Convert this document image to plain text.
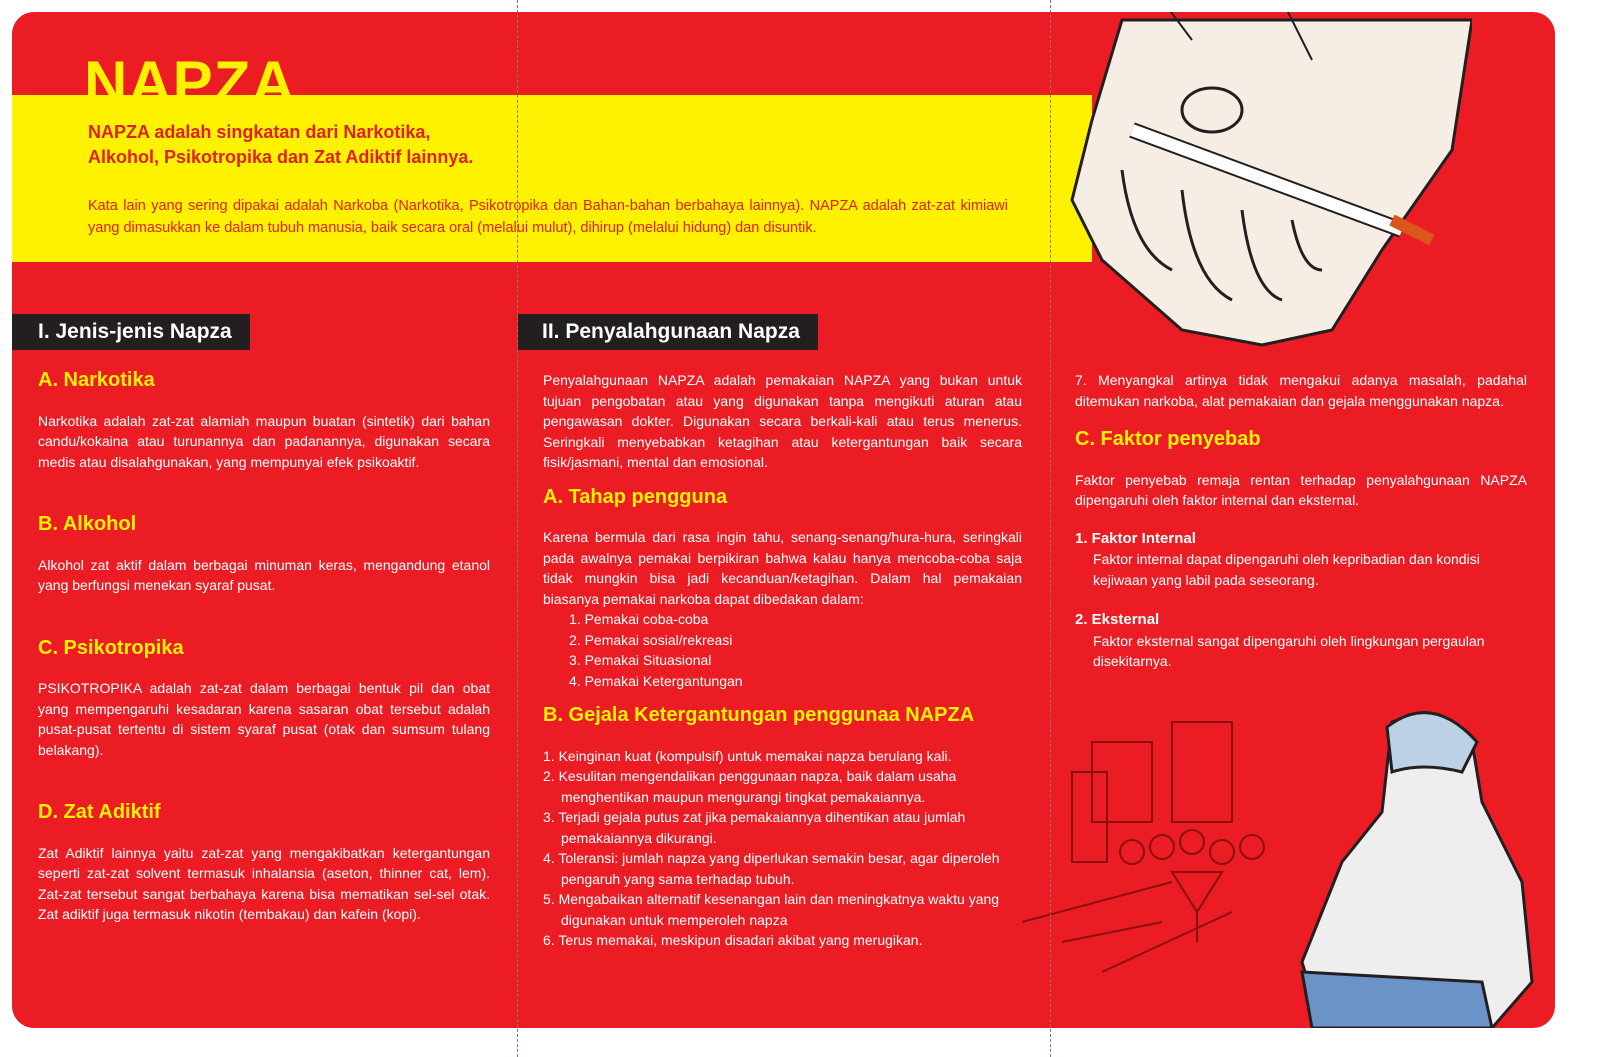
NAPZA
NAPZA adalah singkatan dari Narkotika,
Alkohol, Psikotropika dan Zat Adiktif lainnya.
Kata lain yang sering dipakai adalah Narkoba (Narkotika, Psikotropika dan Bahan-bahan berbahaya lainnya). NAPZA adalah zat-zat kimiawi yang dimasukkan ke dalam tubuh manusia, baik secara oral (melalui mulut), dihirup (melalui hidung) dan disuntik.
I. Jenis-jenis Napza	II. Penyalahgunaan Napza
A. Narkotika

Narkotika adalah zat-zat alamiah maupun buatan (sintetik) dari bahan candu/kokaina atau turunannya dan padanannya, digunakan secara medis atau disalahgunakan, yang mempunyai efek psikoaktif.

B. Alkohol

Alkohol zat aktif dalam berbagai minuman keras, mengandung etanol yang berfungsi menekan syaraf pusat.

C. Psikotropika

PSIKOTROPIKA adalah zat-zat dalam berbagai bentuk pil dan obat yang mempengaruhi kesadaran karena sasaran obat tersebut adalah pusat-pusat tertentu di sistem syaraf pusat (otak dan sumsum tulang belakang).

D. Zat Adiktif

Zat Adiktif lainnya yaitu zat-zat yang mengakibatkan ketergantungan seperti zat-zat solvent termasuk inhalansia (aseton, thinner cat, lem). Zat-zat tersebut sangat berbahaya karena bisa mematikan sel-sel otak. Zat adiktif juga termasuk nikotin (tembakau) dan kafein (kopi).

Penyalahgunaan NAPZA adalah pemakaian NAPZA yang bukan untuk tujuan pengobatan atau yang digunakan tanpa mengikuti aturan atau pengawasan dokter. Digunakan secara berkali-kali atau terus menerus. Seringkali menyebabkan ketagihan atau ketergantungan baik secara fisik/jasmani, mental dan emosional.

A. Tahap pengguna

Karena bermula dari rasa ingin tahu, senang-senang/hura-hura, seringkali pada awalnya pemakai berpikiran bahwa kalau hanya mencoba-coba saja tidak mungkin bisa jadi kecanduan/ketagihan. Dalam hal pemakaian biasanya pemakai narkoba dapat dibedakan dalam:

1. Pemakai coba-coba
2. Pemakai sosial/rekreasi
3. Pemakai Situasional
4. Pemakai Ketergantungan
B. Gejala Ketergantungan penggunaa NAPZA
1. Keinginan kuat (kompulsif) untuk memakai napza berulang kali.
2. Kesulitan mengendalikan penggunaan napza, baik dalam usaha menghentikan maupun mengurangi tingkat pemakaiannya.
3. Terjadi gejala putus zat jika pemakaiannya dihentikan atau jumlah pemakaiannya dikurangi.
4. Toleransi: jumlah napza yang diperlukan semakin besar, agar diperoleh pengaruh yang sama terhadap tubuh.
5. Mengabaikan alternatif kesenangan lain dan meningkatnya waktu yang digunakan untuk memperoleh napza
6. Terus memakai, meskipun disadari akibat yang merugikan.

7. Menyangkal artinya tidak mengakui adanya masalah, padahal ditemukan narkoba, alat pemakaian dan gejala menggunakan napza.

C. Faktor penyebab

Faktor penyebab remaja rentan terhadap penyalahgunaan NAPZA dipengaruhi oleh faktor internal dan eksternal.

1. Faktor Internal
Faktor internal dapat dipengaruhi oleh kepribadian dan kondisi kejiwaan yang labil pada seseorang.
2. Eksternal
Faktor eksternal sangat dipengaruhi oleh lingkungan pergaulan disekitarnya.
